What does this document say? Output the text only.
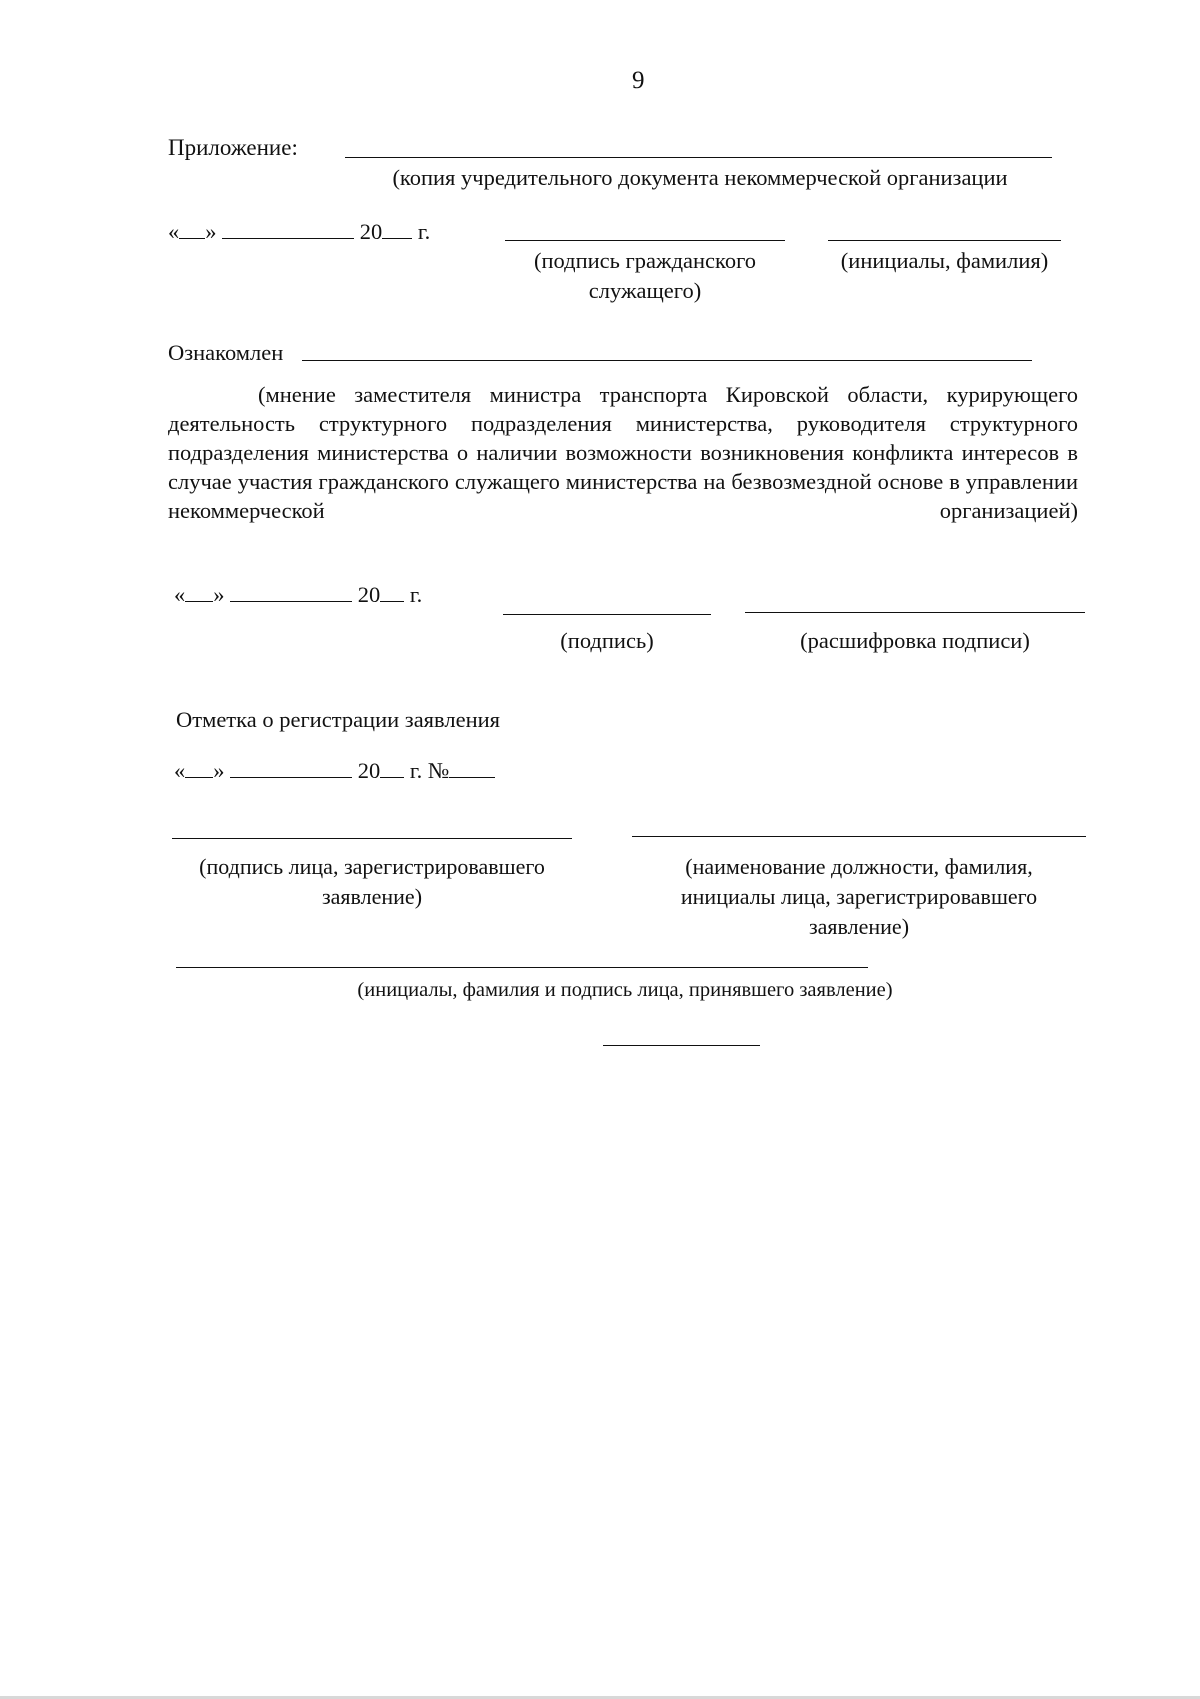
9
Приложение:
(копия учредительного документа некоммерческой организации
« »	20 г.
(подпись гражданского
служащего)
(инициалы, фамилия)
Ознакомлен
(мнение заместителя министра транспорта Кировской области, курирующего деятельность структурного подразделения министерства, руководителя структурного подразделения министерства о наличии возможности возникновения конфликта интересов в случае участия гражданского служащего министерства на безвозмездной основе в управлении некоммерческой организацией)
« »	20 г.
(подпись)	(расшифровка подписи)
Отметка о регистрации заявления
« »	20 г. №
(подпись лица, зарегистрировавшего
заявление)
(наименование должности, фамилия,
инициалы лица, зарегистрировавшего
заявление)
(инициалы, фамилия и подпись лица, принявшего заявление)
